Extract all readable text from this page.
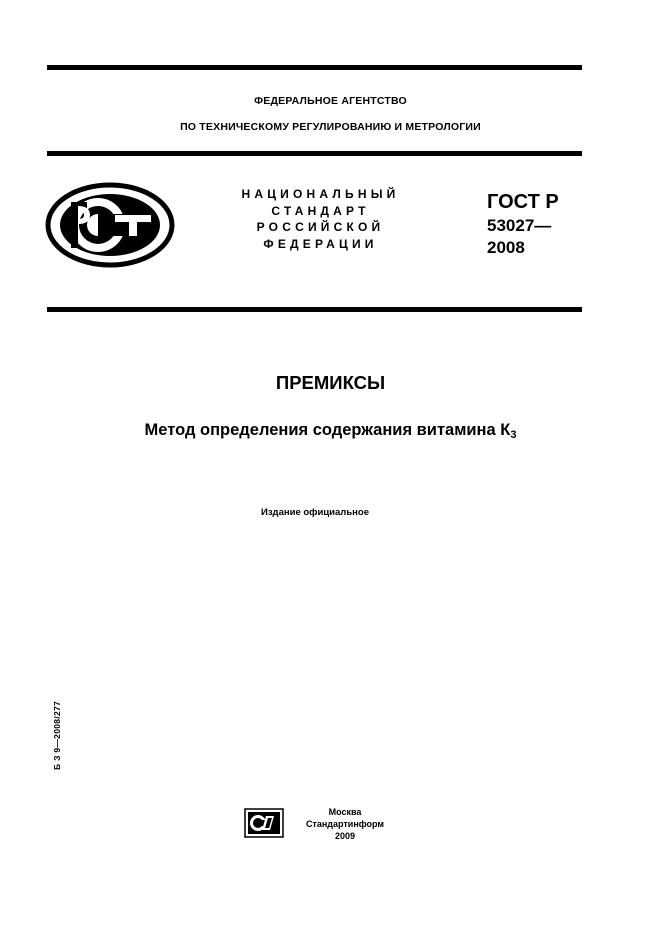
ФЕДЕРАЛЬНОЕ АГЕНТСТВО
ПО ТЕХНИЧЕСКОМУ РЕГУЛИРОВАНИЮ И МЕТРОЛОГИИ
НАЦИОНАЛЬНЫЙ
СТАНДАРТ
РОССИЙСКОЙ
ФЕДЕРАЦИИ
ГОСТ Р
53027—
2008
ПРЕМИКСЫ
Метод определения содержания витамина $К_3$
Издание официальное
Б З 9—2008/277
Москва
Стандартинформ
2009
